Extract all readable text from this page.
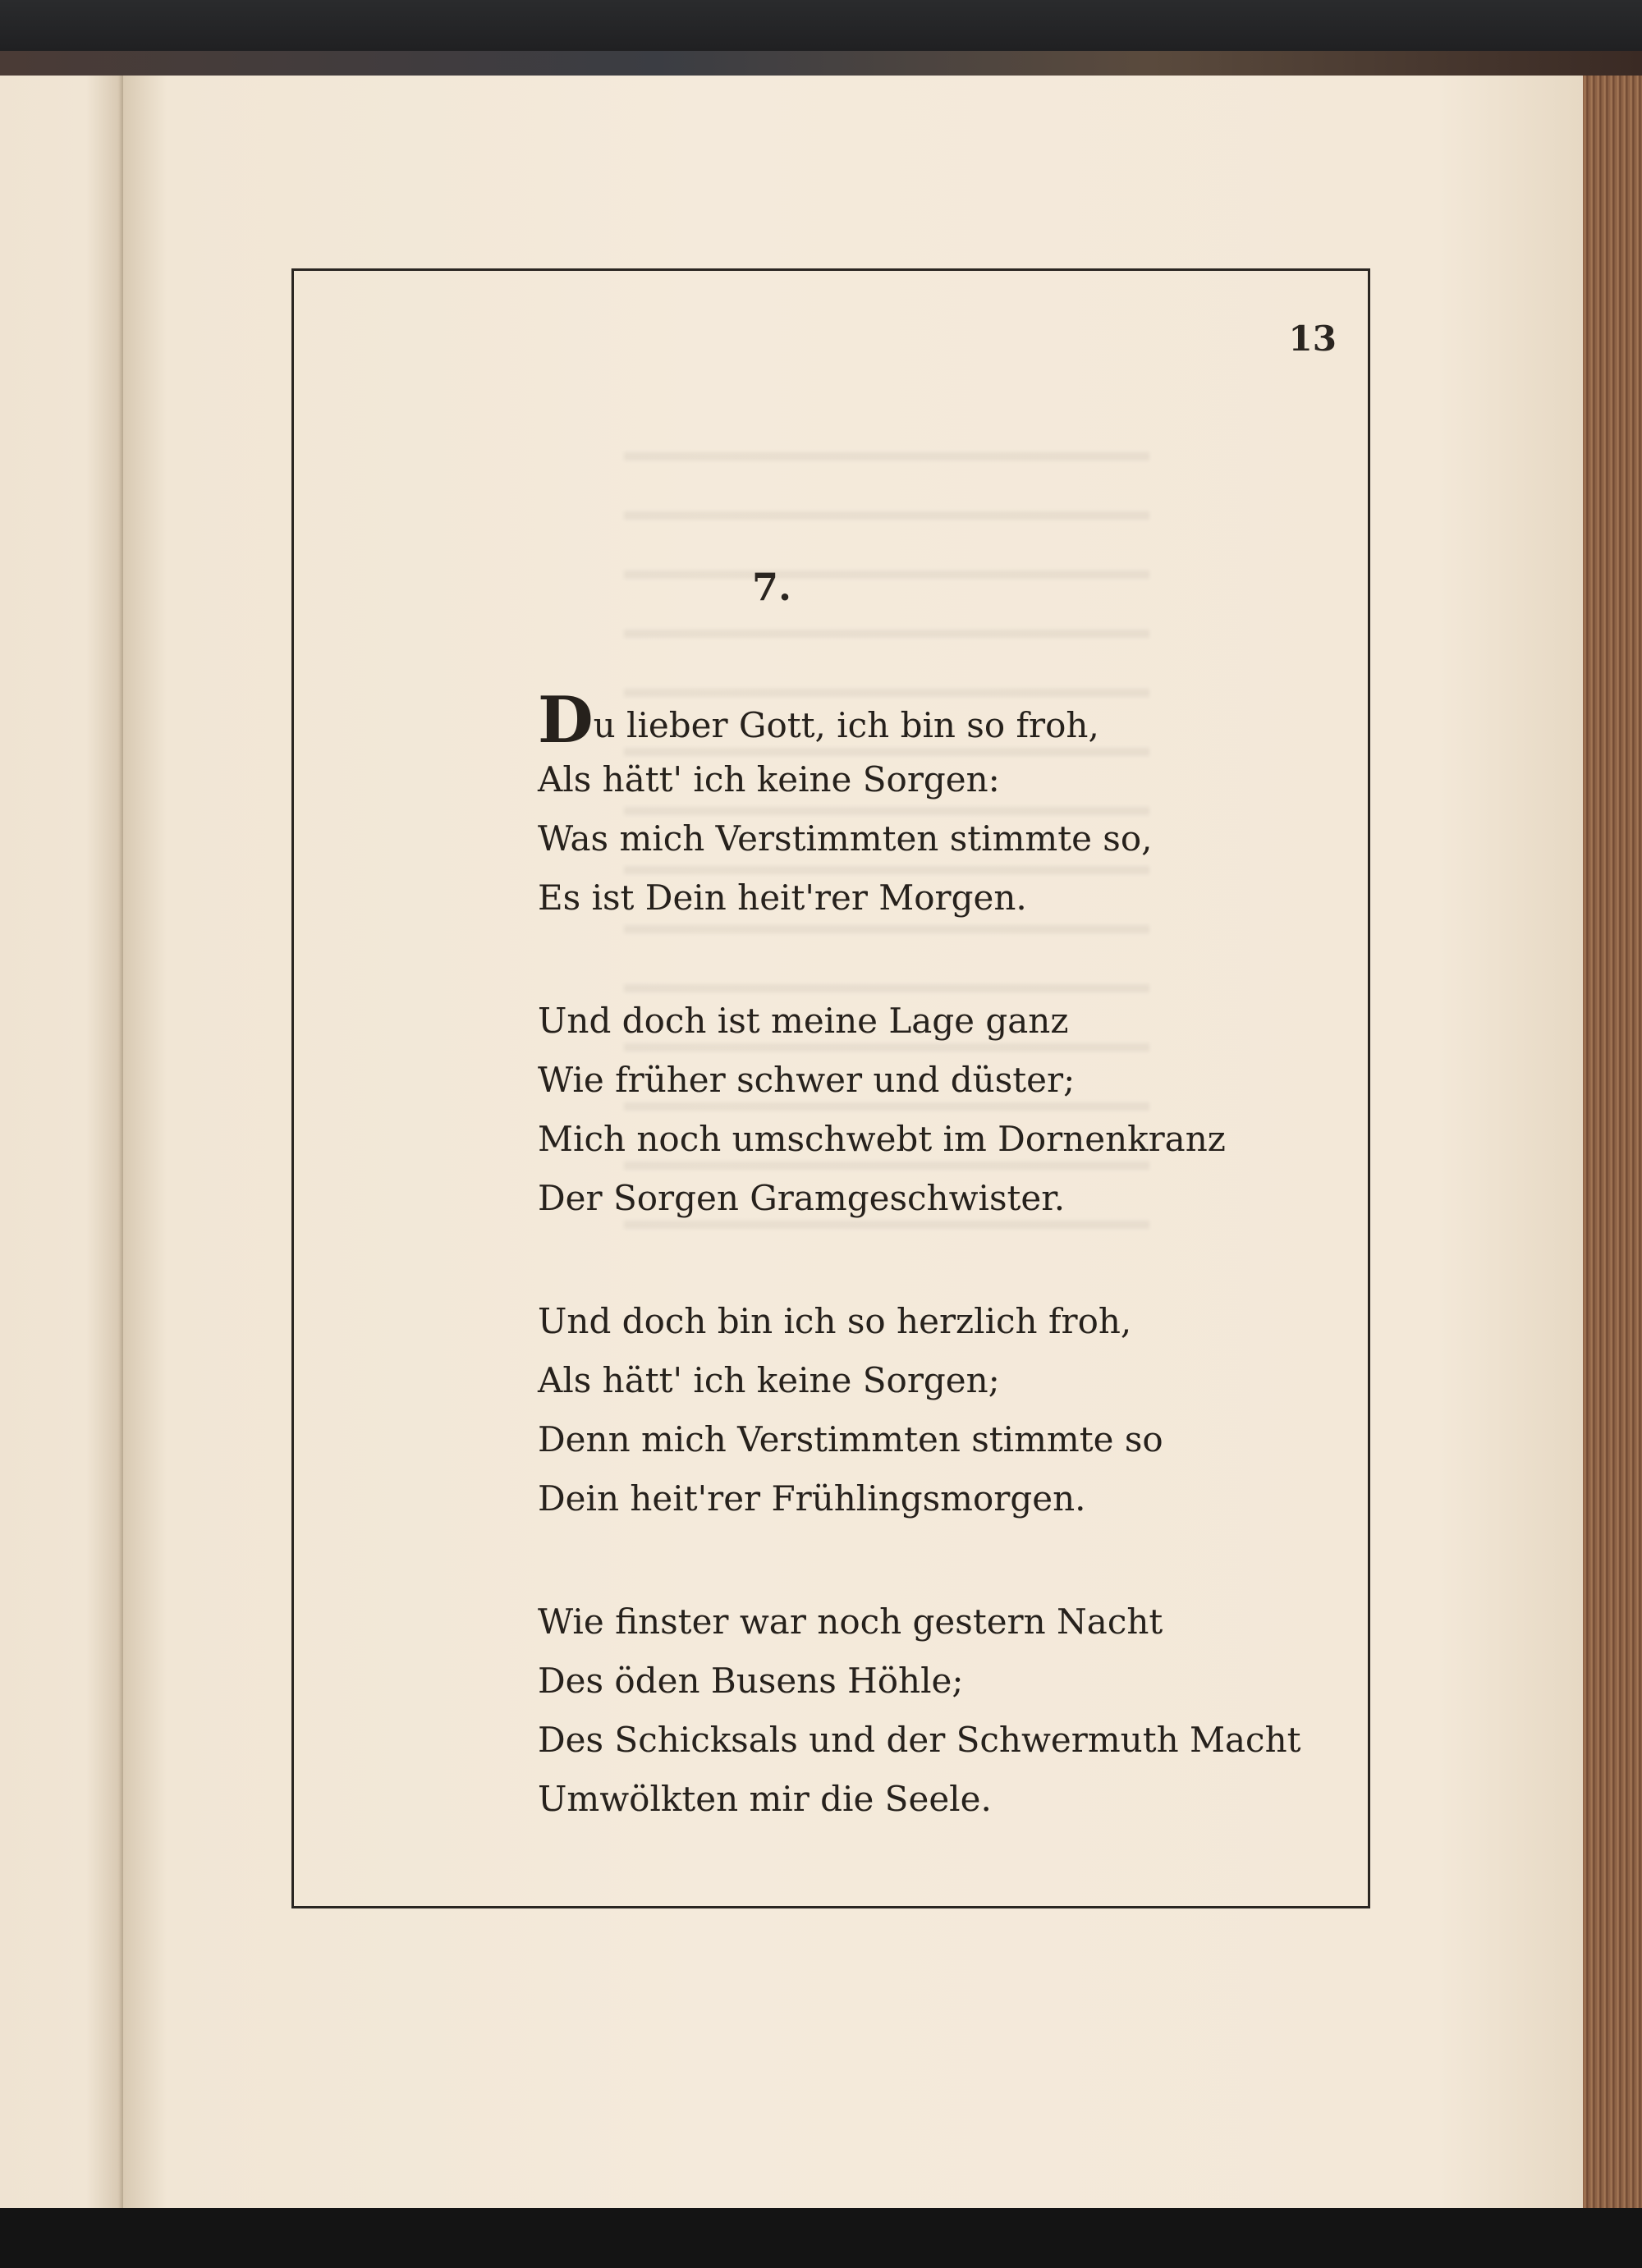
13
7.
Du lieber Gott, ich bin so froh,
Als hätt' ich keine Sorgen:
Was mich Verstimmten stimmte so,
Es ist Dein heit'rer Morgen.
Und doch ist meine Lage ganz
Wie früher schwer und düster;
Mich noch umschwebt im Dornenkranz
Der Sorgen Gramgeschwister.
Und doch bin ich so herzlich froh,
Als hätt' ich keine Sorgen;
Denn mich Verstimmten stimmte so
Dein heit'rer Frühlingsmorgen.
Wie finster war noch gestern Nacht
Des öden Busens Höhle;
Des Schicksals und der Schwermuth Macht
Umwölkten mir die Seele.
